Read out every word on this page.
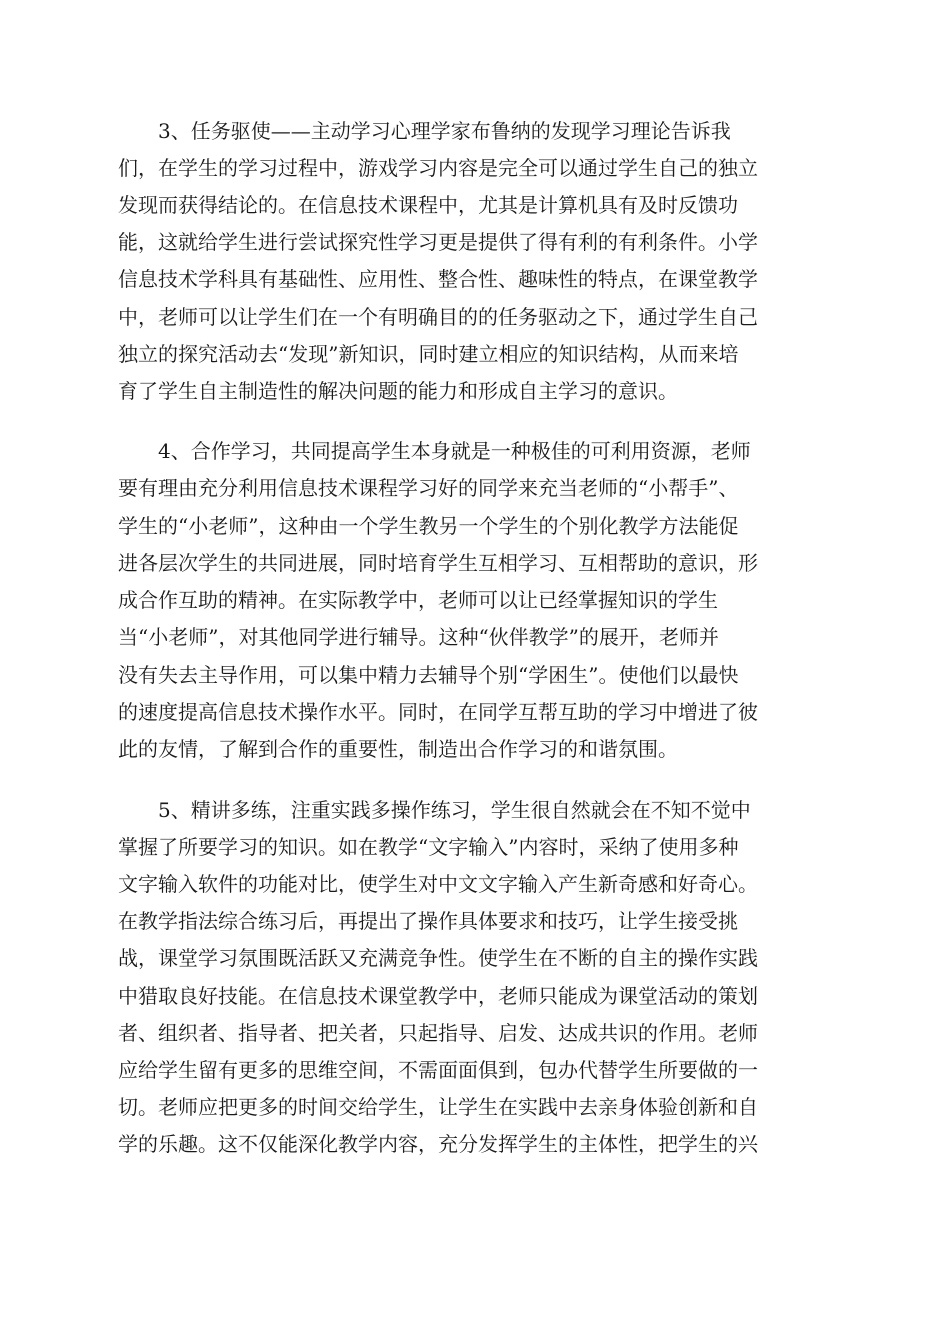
3、任务驱使——主动学习心理学家布鲁纳的发现学习理论告诉我
们，在学生的学习过程中，游戏学习内容是完全可以通过学生自己的独立
发现而获得结论的。在信息技术课程中，尤其是计算机具有及时反馈功
能，这就给学生进行尝试探究性学习更是提供了得有利的有利条件。小学
信息技术学科具有基础性、应用性、整合性、趣味性的特点，在课堂教学
中，老师可以让学生们在一个有明确目的的任务驱动之下，通过学生自己
独立的探究活动去“发现”新知识，同时建立相应的知识结构，从而来培
育了学生自主制造性的解决问题的能力和形成自主学习的意识。
4、合作学习，共同提高学生本身就是一种极佳的可利用资源，老师
要有理由充分利用信息技术课程学习好的同学来充当老师的“小帮手”、
学生的“小老师”，这种由一个学生教另一个学生的个别化教学方法能促
进各层次学生的共同进展，同时培育学生互相学习、互相帮助的意识，形
成合作互助的精神。在实际教学中，老师可以让已经掌握知识的学生
当“小老师”，对其他同学进行辅导。这种“伙伴教学”的展开，老师并
没有失去主导作用，可以集中精力去辅导个别“学困生”。使他们以最快
的速度提高信息技术操作水平。同时，在同学互帮互助的学习中增进了彼
此的友情，了解到合作的重要性，制造出合作学习的和谐氛围。
5、精讲多练，注重实践多操作练习，学生很自然就会在不知不觉中
掌握了所要学习的知识。如在教学“文字输入”内容时，采纳了使用多种
文字输入软件的功能对比，使学生对中文文字输入产生新奇感和好奇心。
在教学指法综合练习后，再提出了操作具体要求和技巧，让学生接受挑
战，课堂学习氛围既活跃又充满竞争性。使学生在不断的自主的操作实践
中猎取良好技能。在信息技术课堂教学中，老师只能成为课堂活动的策划
者、组织者、指导者、把关者，只起指导、启发、达成共识的作用。老师
应给学生留有更多的思维空间，不需面面俱到，包办代替学生所要做的一
切。老师应把更多的时间交给学生，让学生在实践中去亲身体验创新和自
学的乐趣。这不仅能深化教学内容，充分发挥学生的主体性，把学生的兴
